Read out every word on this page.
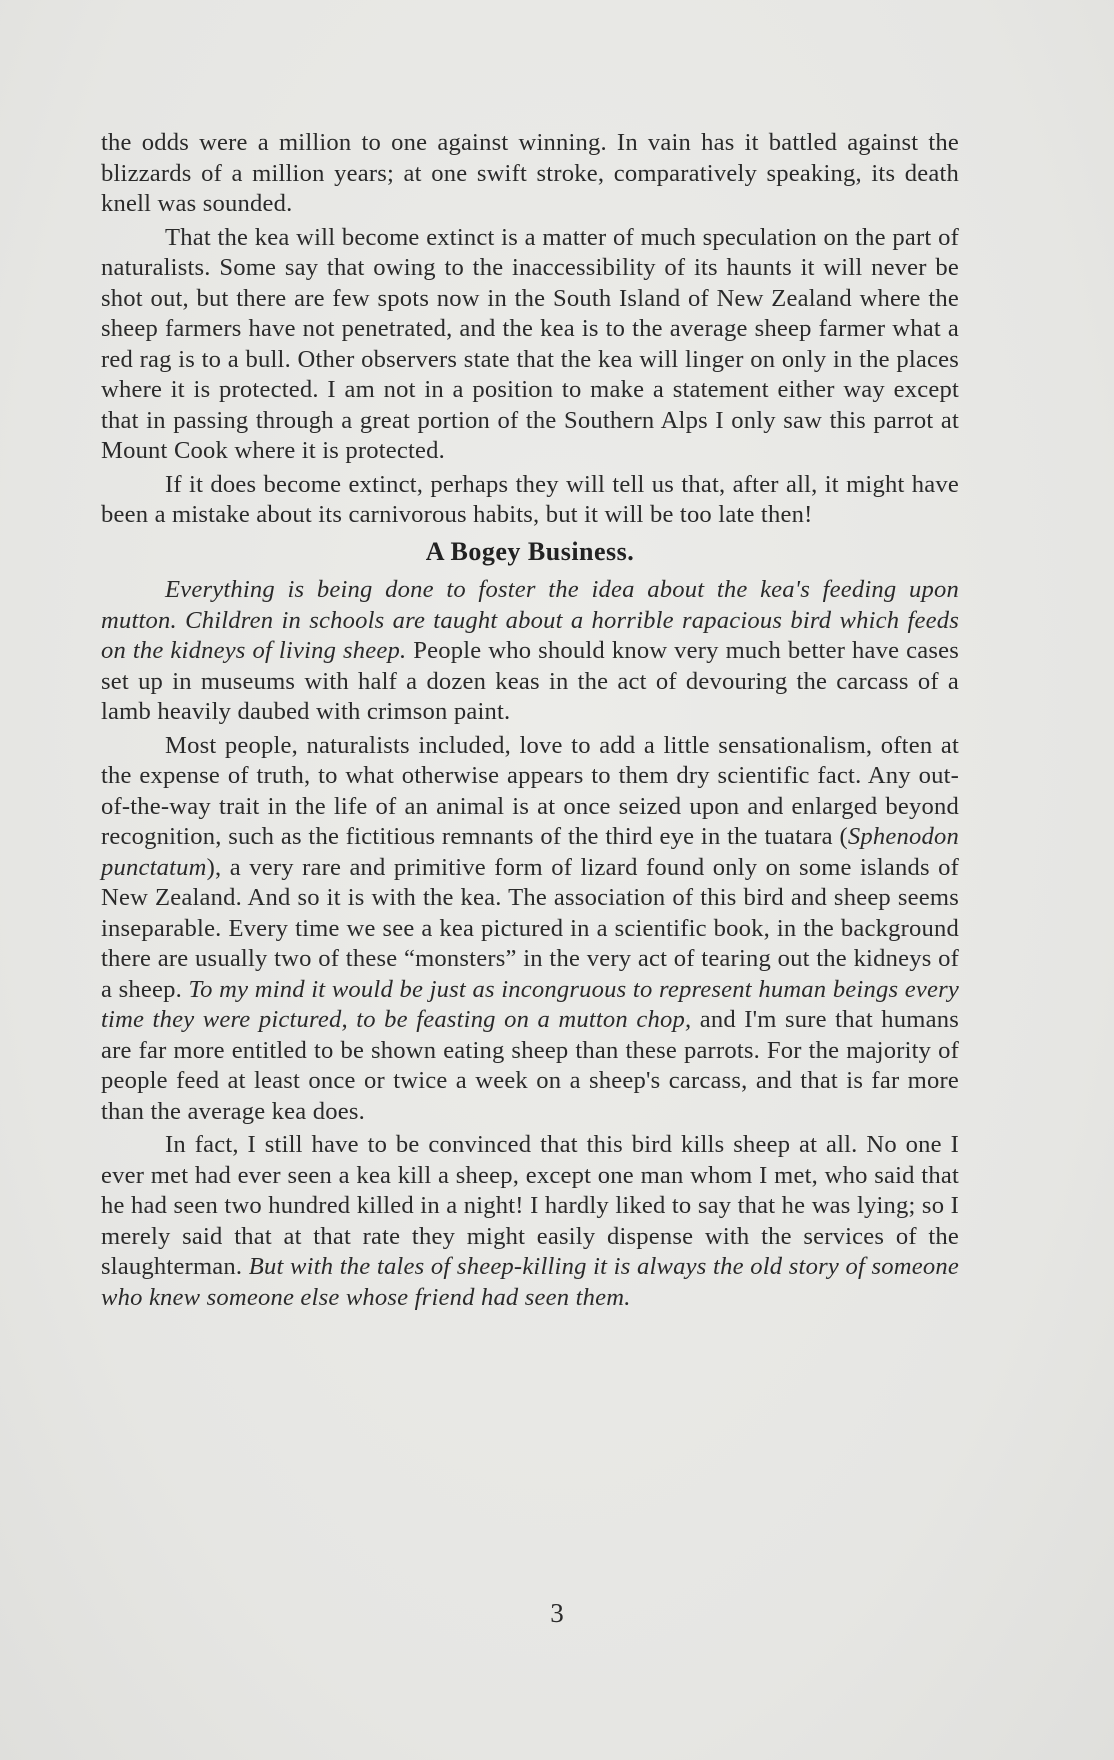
the odds were a million to one against winning. In vain has it battled against the blizzards of a million years; at one swift stroke, comparatively speaking, its death knell was sounded.

That the kea will become extinct is a matter of much speculation on the part of naturalists. Some say that owing to the inaccessibility of its haunts it will never be shot out, but there are few spots now in the South Island of New Zealand where the sheep farmers have not penetrated, and the kea is to the average sheep farmer what a red rag is to a bull. Other observers state that the kea will linger on only in the places where it is protected. I am not in a position to make a statement either way except that in passing through a great portion of the Southern Alps I only saw this parrot at Mount Cook where it is protected.

If it does become extinct, perhaps they will tell us that, after all, it might have been a mistake about its carnivorous habits, but it will be too late then!

A Bogey Business.

Everything is being done to foster the idea about the kea's feeding upon mutton. Children in schools are taught about a horrible rapacious bird which feeds on the kidneys of living sheep. People who should know very much better have cases set up in museums with half a dozen keas in the act of devouring the carcass of a lamb heavily daubed with crimson paint.

Most people, naturalists included, love to add a little sensationalism, often at the expense of truth, to what otherwise appears to them dry scientific fact. Any out-of-the-way trait in the life of an animal is at once seized upon and enlarged beyond recognition, such as the fictitious remnants of the third eye in the tuatara (Sphenodon punctatum), a very rare and primitive form of lizard found only on some islands of New Zealand. And so it is with the kea. The association of this bird and sheep seems inseparable. Every time we see a kea pictured in a scientific book, in the background there are usually two of these “monsters” in the very act of tearing out the kidneys of a sheep. To my mind it would be just as incongruous to represent human beings every time they were pictured, to be feasting on a mutton chop, and I'm sure that humans are far more entitled to be shown eating sheep than these parrots. For the majority of people feed at least once or twice a week on a sheep's carcass, and that is far more than the average kea does.

In fact, I still have to be convinced that this bird kills sheep at all. No one I ever met had ever seen a kea kill a sheep, except one man whom I met, who said that he had seen two hundred killed in a night! I hardly liked to say that he was lying; so I merely said that at that rate they might easily dispense with the services of the slaughterman. But with the tales of sheep-killing it is always the old story of someone who knew someone else whose friend had seen them.

3
